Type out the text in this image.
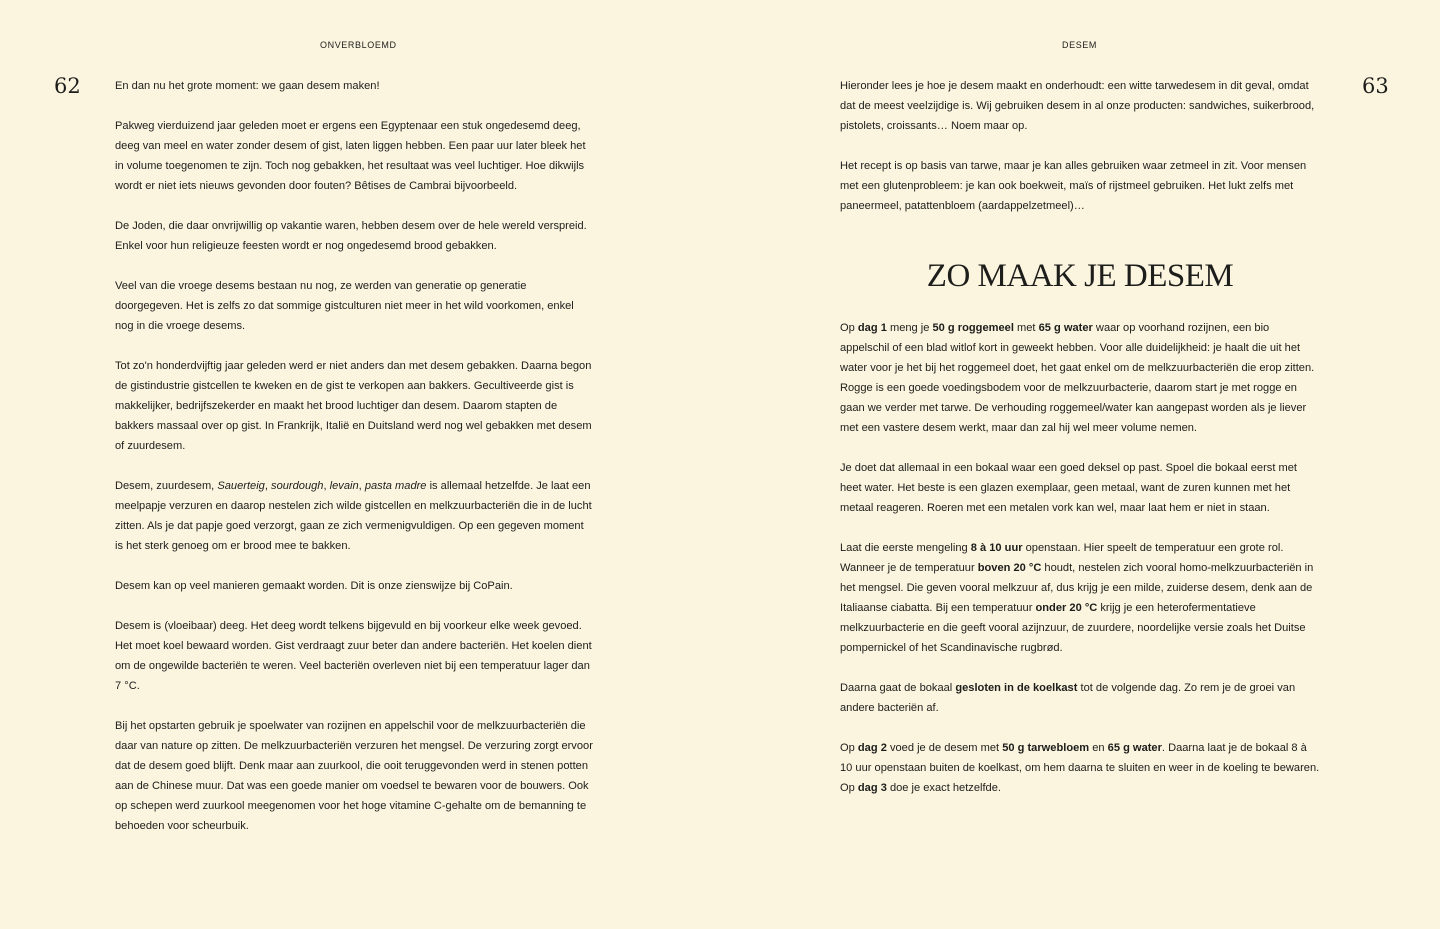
ONVERBLOEMD
62	En dan nu het grote moment: we gaan desem maken!

Pakweg vierduizend jaar geleden moet er ergens een Egyptenaar een stuk ongedesemd deeg, deeg van meel en water zonder desem of gist, laten liggen hebben. Een paar uur later bleek het in volume toegenomen te zijn. Toch nog gebakken, het resultaat was veel luchtiger. Hoe dikwijls wordt er niet iets nieuws gevonden door fouten? Bêtises de Cambrai bijvoorbeeld.

De Joden, die daar onvrijwillig op vakantie waren, hebben desem over de hele wereld verspreid. Enkel voor hun religieuze feesten wordt er nog ongedesemd brood gebakken.

Veel van die vroege desems bestaan nu nog, ze werden van generatie op generatie doorgegeven. Het is zelfs zo dat sommige gistculturen niet meer in het wild voorkomen, enkel nog in die vroege desems.

Tot zo'n honderdvijftig jaar geleden werd er niet anders dan met desem gebakken. Daarna begon de gistindustrie gistcellen te kweken en de gist te verkopen aan bakkers. Gecultiveerde gist is makkelijker, bedrijfszekerder en maakt het brood luchtiger dan desem. Daarom stapten de bakkers massaal over op gist. In Frankrijk, Italië en Duitsland werd nog wel gebakken met desem of zuurdesem.

Desem, zuurdesem, Sauerteig, sourdough, levain, pasta madre is allemaal hetzelfde. Je laat een meelpapje verzuren en daarop nestelen zich wilde gistcellen en melkzuurbacteriën die in de lucht zitten. Als je dat papje goed verzorgt, gaan ze zich vermenigvuldigen. Op een gegeven moment is het sterk genoeg om er brood mee te bakken.

Desem kan op veel manieren gemaakt worden. Dit is onze zienswijze bij CoPain.

Desem is (vloeibaar) deeg. Het deeg wordt telkens bijgevuld en bij voorkeur elke week gevoed. Het moet koel bewaard worden. Gist verdraagt zuur beter dan andere bacteriën. Het koelen dient om de ongewilde bacteriën te weren. Veel bacteriën overleven niet bij een temperatuur lager dan 7 °C.

Bij het opstarten gebruik je spoelwater van rozijnen en appelschil voor de melkzuurbacteriën die daar van nature op zitten. De melkzuurbacteriën verzuren het mengsel. De verzuring zorgt ervoor dat de desem goed blijft. Denk maar aan zuurkool, die ooit teruggevonden werd in stenen potten aan de Chinese muur. Dat was een goede manier om voedsel te bewaren voor de bouwers. Ook op schepen werd zuurkool meegenomen voor het hoge vitamine C-gehalte om de bemanning te behoeden voor scheurbuik.

DESEM
63

Hieronder lees je hoe je desem maakt en onderhoudt: een witte tarwedesem in dit geval, omdat dat de meest veelzijdige is. Wij gebruiken desem in al onze producten: sandwiches, suikerbrood, pistolets, croissants… Noem maar op.

Het recept is op basis van tarwe, maar je kan alles gebruiken waar zetmeel in zit. Voor mensen met een glutenprobleem: je kan ook boekweit, maïs of rijstmeel gebruiken. Het lukt zelfs met paneermeel, patattenbloem (aardappelzetmeel)…

ZO MAAK JE DESEM

Op dag 1 meng je 50 g roggemeel met 65 g water waar op voorhand rozijnen, een bio appelschil of een blad witlof kort in geweekt hebben. Voor alle duidelijkheid: je haalt die uit het water voor je het bij het roggemeel doet, het gaat enkel om de melkzuurbacteriën die erop zitten. Rogge is een goede voedingsbodem voor de melkzuurbacterie, daarom start je met rogge en gaan we verder met tarwe. De verhouding roggemeel/water kan aangepast worden als je liever met een vastere desem werkt, maar dan zal hij wel meer volume nemen.

Je doet dat allemaal in een bokaal waar een goed deksel op past. Spoel die bokaal eerst met heet water. Het beste is een glazen exemplaar, geen metaal, want de zuren kunnen met het metaal reageren. Roeren met een metalen vork kan wel, maar laat hem er niet in staan.

Laat die eerste mengeling 8 à 10 uur openstaan. Hier speelt de temperatuur een grote rol. Wanneer je de temperatuur boven 20 °C houdt, nestelen zich vooral homo-melkzuurbacteriën in het mengsel. Die geven vooral melkzuur af, dus krijg je een milde, zuiderse desem, denk aan de Italiaanse ciabatta. Bij een temperatuur onder 20 °C krijg je een heterofermentatieve melkzuurbacterie en die geeft vooral azijnzuur, de zuurdere, noordelijke versie zoals het Duitse pompernickel of het Scandinavische rugbrød.

Daarna gaat de bokaal gesloten in de koelkast tot de volgende dag. Zo rem je de groei van andere bacteriën af.

Op dag 2 voed je de desem met 50 g tarwebloem en 65 g water. Daarna laat je de bokaal 8 à 10 uur openstaan buiten de koelkast, om hem daarna te sluiten en weer in de koeling te bewaren. Op dag 3 doe je exact hetzelfde.
